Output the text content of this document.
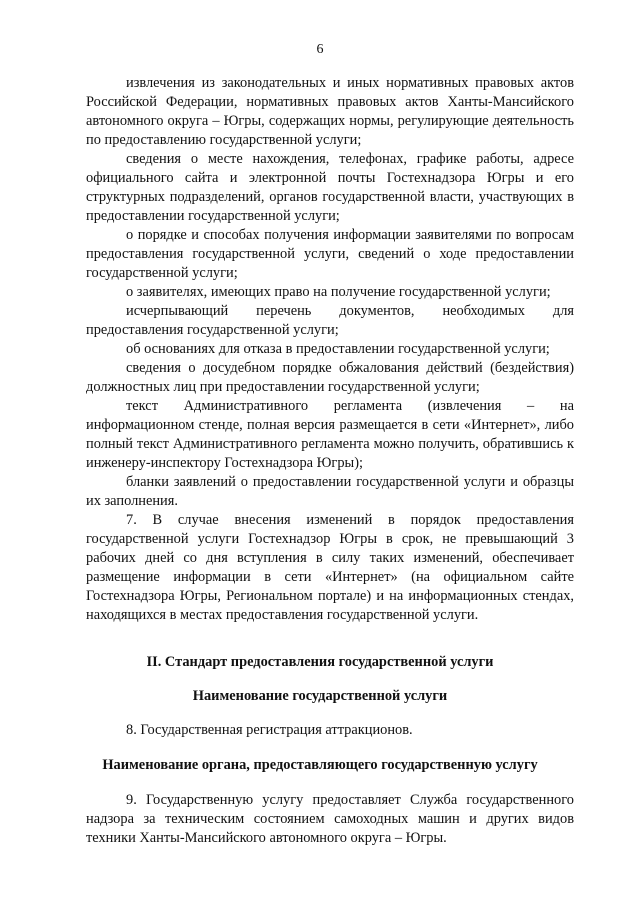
6

извлечения из законодательных и иных нормативных правовых актов Российской Федерации, нормативных правовых актов Ханты-Мансийского автономного округа – Югры, содержащих нормы, регулирующие деятельность по предоставлению государственной услуги;

сведения о месте нахождения, телефонах, графике работы, адресе официального сайта и электронной почты Гостехнадзора Югры и его структурных подразделений, органов государственной власти, участвующих в предоставлении государственной услуги;

о порядке и способах получения информации заявителями по вопросам предоставления государственной услуги, сведений о ходе предоставлении государственной услуги;

о заявителях, имеющих право на получение государственной услуги;

исчерпывающий перечень документов, необходимых для предоставления государственной услуги;

об основаниях для отказа в предоставлении государственной услуги;

сведения о досудебном порядке обжалования действий (бездействия) должностных лиц при предоставлении государственной услуги;

текст Административного регламента (извлечения – на информационном стенде, полная версия размещается в сети «Интернет», либо полный текст Административного регламента можно получить, обратившись к инженеру-инспектору Гостехнадзора Югры);

бланки заявлений о предоставлении государственной услуги и образцы их заполнения.

7. В случае внесения изменений в порядок предоставления государственной услуги Гостехнадзор Югры в срок, не превышающий 3 рабочих дней со дня вступления в силу таких изменений, обеспечивает размещение информации в сети «Интернет» (на официальном сайте Гостехнадзора Югры, Региональном портале) и на информационных стендах, находящихся в местах предоставления государственной услуги.

II. Стандарт предоставления государственной услуги
Наименование государственной услуги

8. Государственная регистрация аттракционов.

Наименование органа, предоставляющего государственную услугу

9. Государственную услугу предоставляет Служба государственного надзора за техническим состоянием самоходных машин и других видов техники Ханты-Мансийского автономного округа – Югры.
